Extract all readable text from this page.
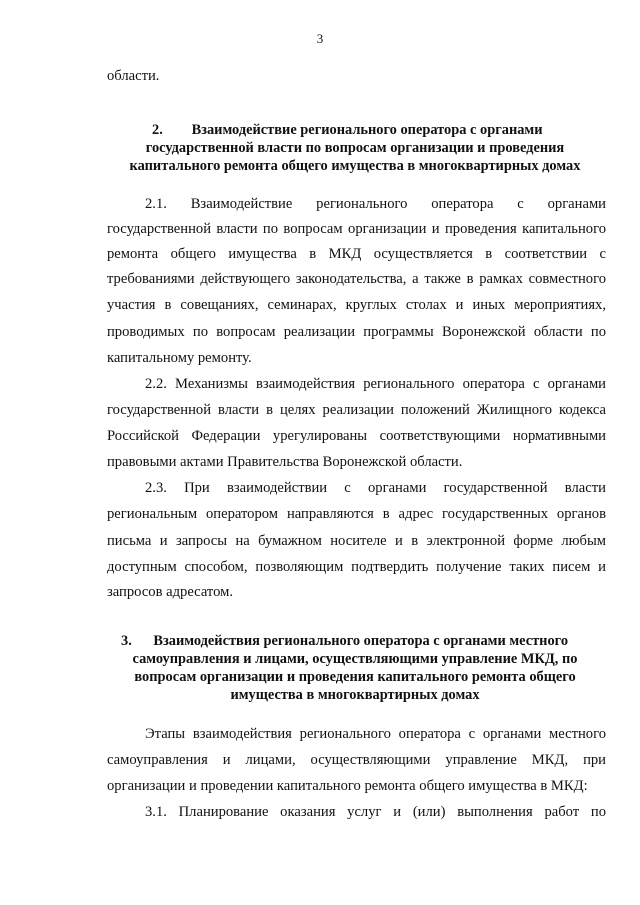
3
области.
2.        Взаимодействие регионального оператора с органами
государственной власти по вопросам организации и проведения
капитального ремонта общего имущества в многоквартирных домах
2.1. Взаимодействие регионального оператора с органами
государственной власти по вопросам организации и проведения капитального
ремонта общего имущества в МКД осуществляется в соответствии с
требованиями действующего законодательства, а также в рамках совместного
участия в совещаниях, семинарах, круглых столах и иных мероприятиях,
проводимых по вопросам реализации программы Воронежской области по
капитальному ремонту.
2.2. Механизмы взаимодействия регионального оператора с органами
государственной власти в целях реализации положений Жилищного кодекса
Российской Федерации урегулированы соответствующими нормативными
правовыми актами Правительства Воронежской области.
2.3. При взаимодействии с органами государственной власти
региональным оператором направляются в адрес государственных органов
письма и запросы на бумажном носителе и в электронной форме любым
доступным способом, позволяющим подтвердить получение таких писем и
запросов адресатом.
3.      Взаимодействия регионального оператора с органами местного
самоуправления и лицами, осуществляющими управление МКД, по
вопросам организации и проведения капитального ремонта общего
имущества в многоквартирных домах
Этапы взаимодействия регионального оператора с органами местного
самоуправления и лицами, осуществляющими управление МКД, при
организации и проведении капитального ремонта общего имущества в МКД:
3.1. Планирование оказания услуг и (или) выполнения работ по
